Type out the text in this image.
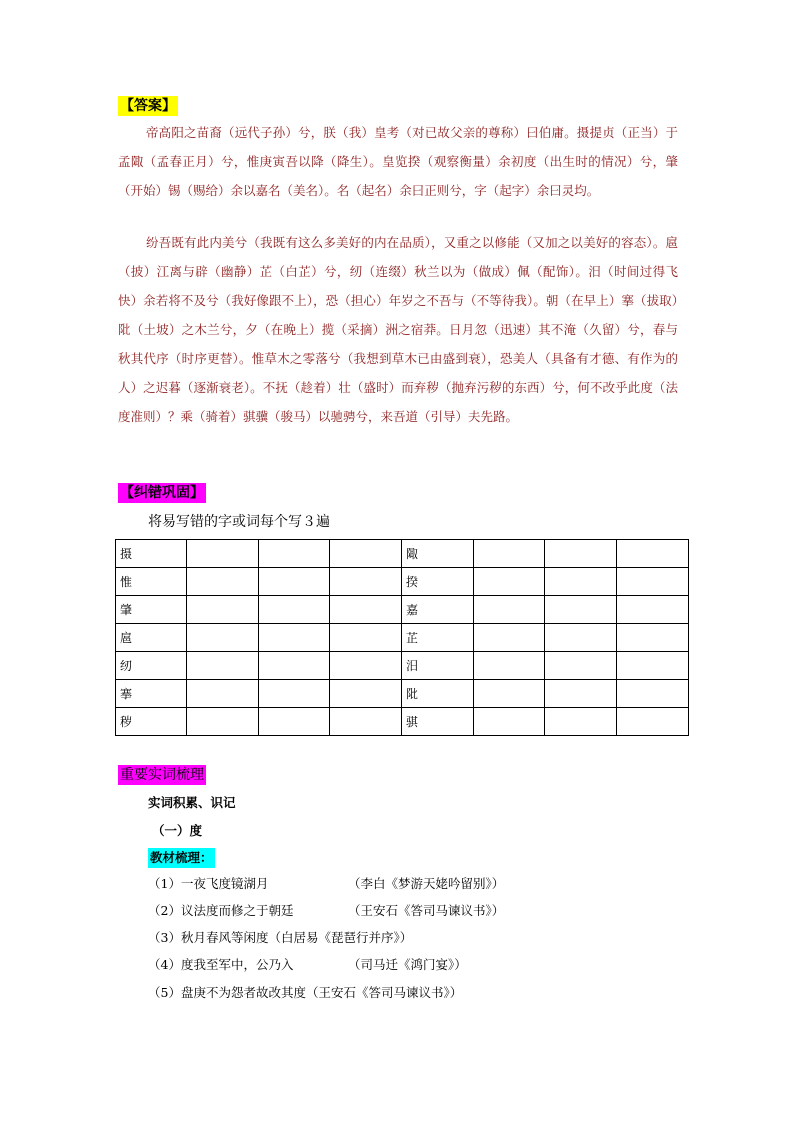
【答案】
帝高阳之苗裔（远代子孙）兮，朕（我）皇考（对已故父亲的尊称）曰伯庸。摄提贞（正当）于孟陬（孟春正月）兮，惟庚寅吾以降（降生）。皇览揆（观察衡量）余初度（出生时的情况）兮，肇（开始）锡（赐给）余以嘉名（美名）。名（起名）余曰正则兮，字（起字）余曰灵均。
纷吾既有此内美兮（我既有这么多美好的内在品质），又重之以修能（又加之以美好的容态）。扈（披）江离与辟（幽静）芷（白芷）兮，纫（连缀）秋兰以为（做成）佩（配饰）。汨（时间过得飞快）余若将不及兮（我好像跟不上），恐（担心）年岁之不吾与（不等待我）。朝（在早上）搴（拔取）阰（土坡）之木兰兮，夕（在晚上）揽（采摘）洲之宿莽。日月忽（迅速）其不淹（久留）兮，春与秋其代序（时序更替）。惟草木之零落兮（我想到草木已由盛到衰），恐美人（具备有才德、有作为的人）之迟暮（逐渐衰老）。不抚（趁着）壮（盛时）而弃秽（抛弃污秽的东西）兮，何不改乎此度（法度准则）？乘（骑着）骐骥（骏马）以驰骋兮，来吾道（引导）夫先路。
【纠错巩固】
将易写错的字或词每个写３遍
摄				陬			
惟				揆			
肇				嘉			
扈				芷			
纫				汨			
搴				阰			
秽				骐			
重要实词梳理
实词积累、识记
（一）度
教材梳理：
（1）一夜飞度镜湖月	（李白《梦游天姥吟留别》）
（2）议法度而修之于朝廷	（王安石《答司马谏议书》）
（3）秋月春风等闲度（白居易《琵琶行并序》）
（4）度我至军中，公乃入	（司马迁《鸿门宴》）
（5）盘庚不为怨者故改其度（王安石《答司马谏议书》）
